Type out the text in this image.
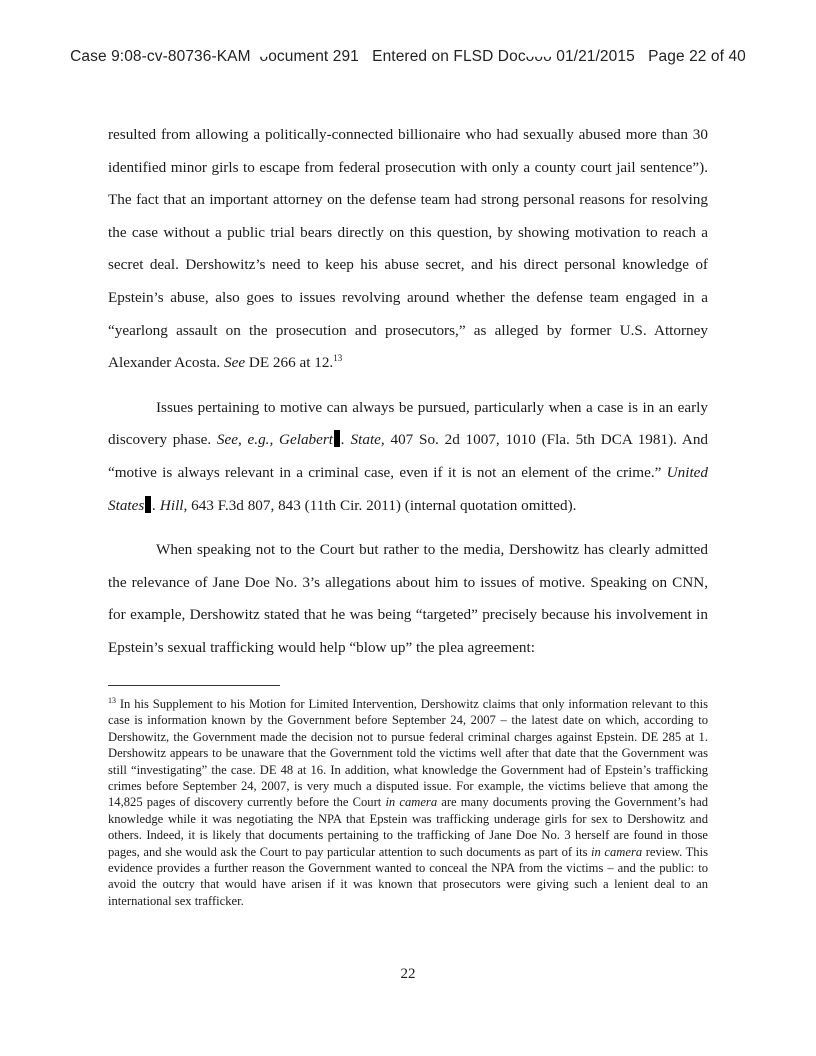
Case 9:08-cv-80736-KAM ᴗocument 291 Entered on FLSD Docᴗᴗᴗ 01/21/2015 Page 22 of 40

resulted from allowing a politically-connected billionaire who had sexually abused more than 30 identified minor girls to escape from federal prosecution with only a county court jail sentence”). The fact that an important attorney on the defense team had strong personal reasons for resolving the case without a public trial bears directly on this question, by showing motivation to reach a secret deal. Dershowitz’s need to keep his abuse secret, and his direct personal knowledge of Epstein’s abuse, also goes to issues revolving around whether the defense team engaged in a “yearlong assault on the prosecution and prosecutors,” as alleged by former U.S. Attorney Alexander Acosta. See DE 266 at 12.13

Issues pertaining to motive can always be pursued, particularly when a case is in an early discovery phase. See, e.g., Gelabert . State, 407 So. 2d 1007, 1010 (Fla. 5th DCA 1981). And “motive is always relevant in a criminal case, even if it is not an element of the crime.” United States . Hill, 643 F.3d 807, 843 (11th Cir. 2011) (internal quotation omitted).

When speaking not to the Court but rather to the media, Dershowitz has clearly admitted the relevance of Jane Doe No. 3’s allegations about him to issues of motive. Speaking on CNN, for example, Dershowitz stated that he was being “targeted” precisely because his involvement in Epstein’s sexual trafficking would help “blow up” the plea agreement:

$^{13}$ In his Supplement to his Motion for Limited Intervention, Dershowitz claims that only information relevant to this case is information known by the Government before September 24, 2007 – the latest date on which, according to Dershowitz, the Government made the decision not to pursue federal criminal charges against Epstein. DE 285 at 1. Dershowitz appears to be unaware that the Government told the victims well after that date that the Government was still “investigating” the case. DE 48 at 16. In addition, what knowledge the Government had of Epstein’s trafficking crimes before September 24, 2007, is very much a disputed issue. For example, the victims believe that among the 14,825 pages of discovery currently before the Court in camera are many documents proving the Government’s had knowledge while it was negotiating the NPA that Epstein was trafficking underage girls for sex to Dershowitz and others. Indeed, it is likely that documents pertaining to the trafficking of Jane Doe No. 3 herself are found in those pages, and she would ask the Court to pay particular attention to such documents as part of its in camera review. This evidence provides a further reason the Government wanted to conceal the NPA from the victims – and the public: to avoid the outcry that would have arisen if it was known that prosecutors were giving such a lenient deal to an international sex trafficker.
22
